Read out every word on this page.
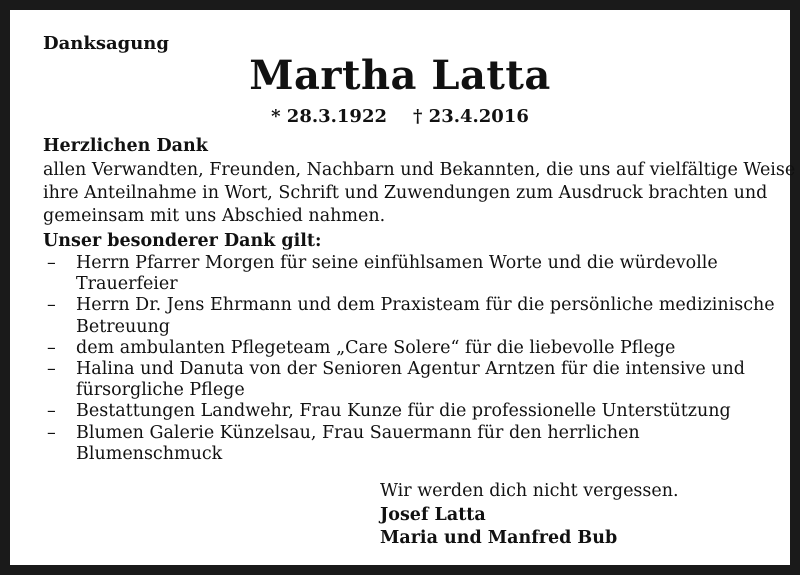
Danksagung
Martha Latta
* 28.3.1922 † 23.4.2016
Herzlichen Dank
allen Verwandten, Freunden, Nachbarn und Bekannten, die uns auf vielfältige Weise
ihre Anteilnahme in Wort, Schrift und Zuwendungen zum Ausdruck brachten und
gemeinsam mit uns Abschied nahmen.
Unser besonderer Dank gilt:
– Herrn Pfarrer Morgen für seine einfühlsamen Worte und die würdevolle
Trauerfeier
– Herrn Dr. Jens Ehrmann und dem Praxisteam für die persönliche medizinische
Betreuung
– dem ambulanten Pflegeteam „Care Solere“ für die liebevolle Pflege
– Halina und Danuta von der Senioren Agentur Arntzen für die intensive und
fürsorgliche Pflege
– Bestattungen Landwehr, Frau Kunze für die professionelle Unterstützung
– Blumen Galerie Künzelsau, Frau Sauermann für den herrlichen
Blumenschmuck
Wir werden dich nicht vergessen.
Josef Latta
Maria und Manfred Bub
